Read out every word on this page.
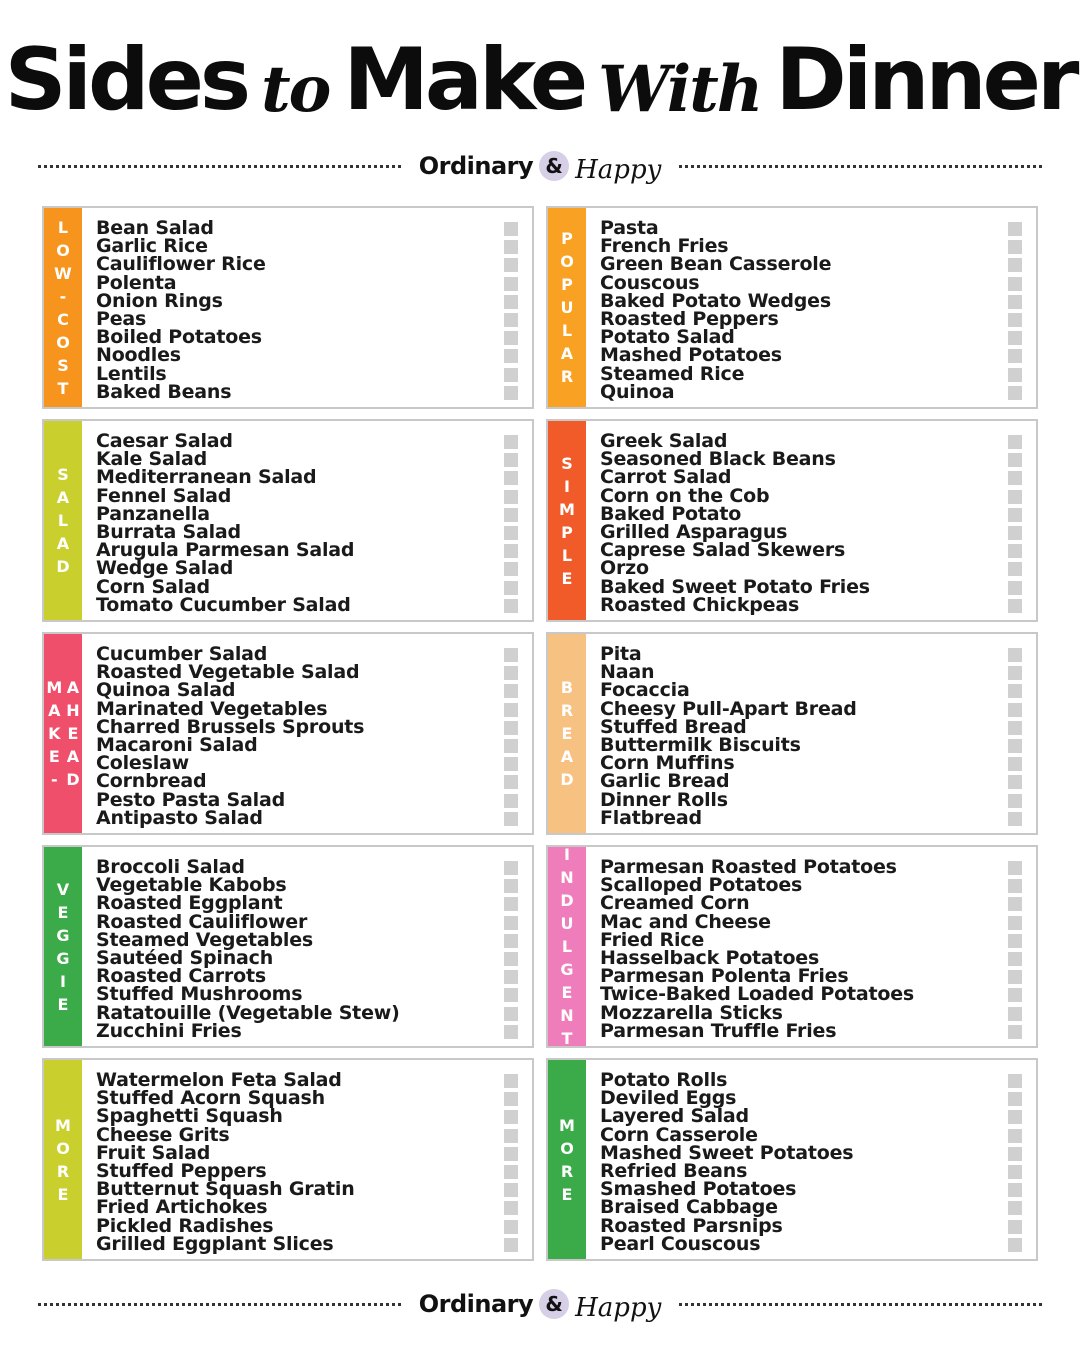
Sides to Make With Dinner
Ordinary & Happy
L
O
W
-
C
O
S
T
Bean Salad
Garlic Rice
Cauliflower Rice
Polenta
Onion Rings
Peas
Boiled Potatoes
Noodles
Lentils
Baked Beans
P
O
P
U
L
A
R
Pasta
French Fries
Green Bean Casserole
Couscous
Baked Potato Wedges
Roasted Peppers
Potato Salad
Mashed Potatoes
Steamed Rice
Quinoa
S
A
L
A
D
Caesar Salad
Kale Salad
Mediterranean Salad
Fennel Salad
Panzanella
Burrata Salad
Arugula Parmesan Salad
Wedge Salad
Corn Salad
Tomato Cucumber Salad
S
I
M
P
L
E
Greek Salad
Seasoned Black Beans
Carrot Salad
Corn on the Cob
Baked Potato
Grilled Asparagus
Caprese Salad Skewers
Orzo
Baked Sweet Potato Fries
Roasted Chickpeas
M
A
K
E
-
A
H
E
A
D
Cucumber Salad
Roasted Vegetable Salad
Quinoa Salad
Marinated Vegetables
Charred Brussels Sprouts
Macaroni Salad
Coleslaw
Cornbread
Pesto Pasta Salad
Antipasto Salad
B
R
E
A
D
Pita
Naan
Focaccia
Cheesy Pull-Apart Bread
Stuffed Bread
Buttermilk Biscuits
Corn Muffins
Garlic Bread
Dinner Rolls
Flatbread
V
E
G
G
I
E
Broccoli Salad
Vegetable Kabobs
Roasted Eggplant
Roasted Cauliflower
Steamed Vegetables
Sautéed Spinach
Roasted Carrots
Stuffed Mushrooms
Ratatouille (Vegetable Stew)
Zucchini Fries
I
N
D
U
L
G
E
N
T
Parmesan Roasted Potatoes
Scalloped Potatoes
Creamed Corn
Mac and Cheese
Fried Rice
Hasselback Potatoes
Parmesan Polenta Fries
Twice-Baked Loaded Potatoes
Mozzarella Sticks
Parmesan Truffle Fries
M
O
R
E
Watermelon Feta Salad
Stuffed Acorn Squash
Spaghetti Squash
Cheese Grits
Fruit Salad
Stuffed Peppers
Butternut Squash Gratin
Fried Artichokes
Pickled Radishes
Grilled Eggplant Slices
M
O
R
E
Potato Rolls
Deviled Eggs
Layered Salad
Corn Casserole
Mashed Sweet Potatoes
Refried Beans
Smashed Potatoes
Braised Cabbage
Roasted Parsnips
Pearl Couscous
Ordinary & Happy
